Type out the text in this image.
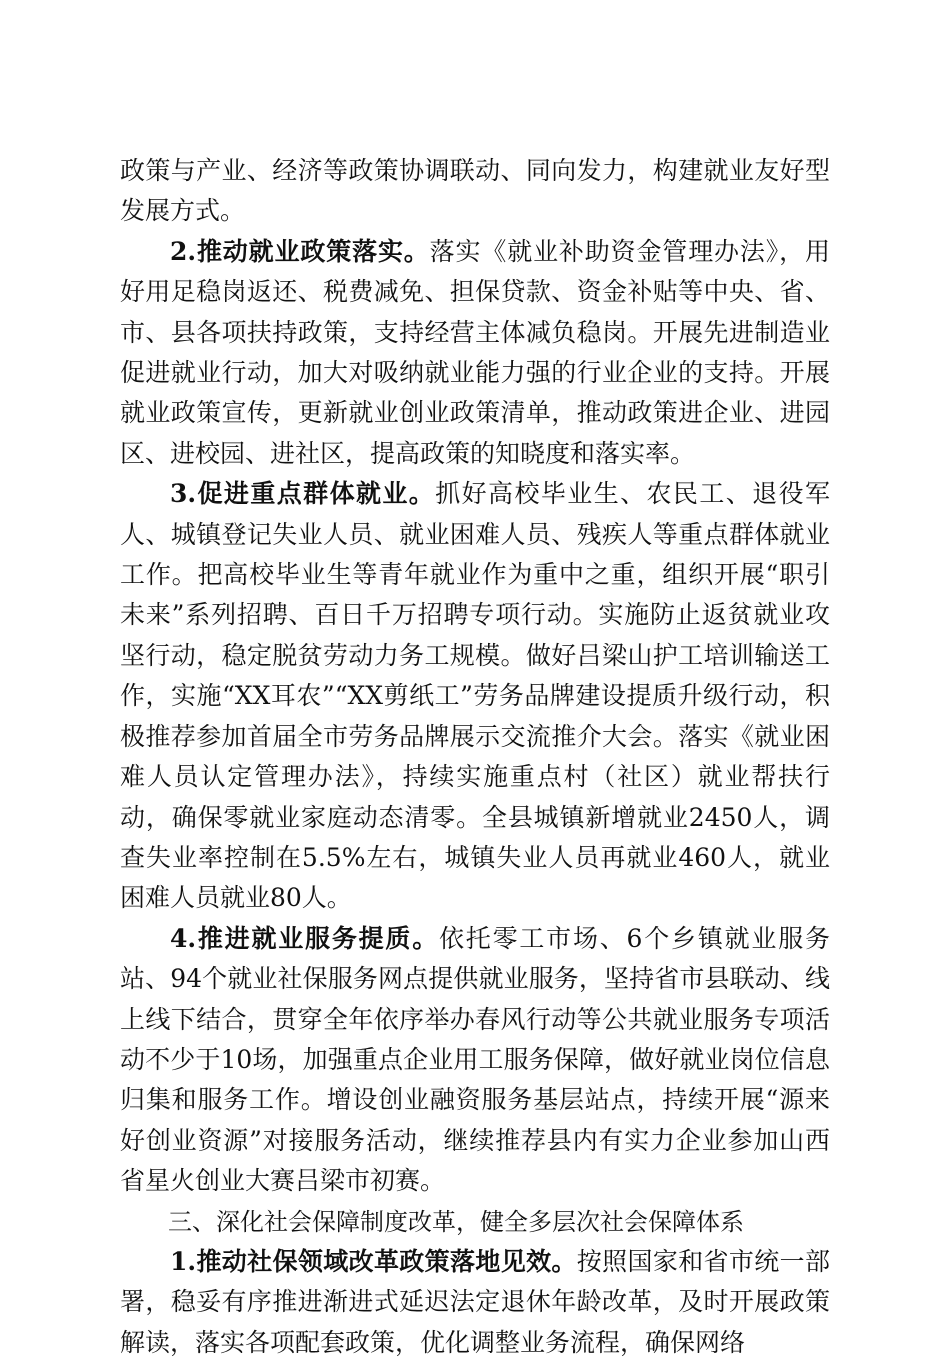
政策与产业、经济等政策协调联动、同向发力，构建就业友好型发展方式。

2.推动就业政策落实。落实《就业补助资金管理办法》，用好用足稳岗返还、税费减免、担保贷款、资金补贴等中央、省、市、县各项扶持政策，支持经营主体减负稳岗。开展先进制造业促进就业行动，加大对吸纳就业能力强的行业企业的支持。开展就业政策宣传，更新就业创业政策清单，推动政策进企业、进园区、进校园、进社区，提高政策的知晓度和落实率。

3.促进重点群体就业。抓好高校毕业生、农民工、退役军人、城镇登记失业人员、就业困难人员、残疾人等重点群体就业工作。把高校毕业生等青年就业作为重中之重，组织开展“职引未来”系列招聘、百日千万招聘专项行动。实施防止返贫就业攻坚行动，稳定脱贫劳动力务工规模。做好吕梁山护工培训输送工作，实施“XX耳农”“XX剪纸工”劳务品牌建设提质升级行动，积极推荐参加首届全市劳务品牌展示交流推介大会。落实《就业困难人员认定管理办法》，持续实施重点村（社区）就业帮扶行动，确保零就业家庭动态清零。全县城镇新增就业2450人，调查失业率控制在5.5%左右，城镇失业人员再就业460人，就业困难人员就业80人。

4.推进就业服务提质。依托零工市场、6个乡镇就业服务站、94个就业社保服务网点提供就业服务，坚持省市县联动、线上线下结合，贯穿全年依序举办春风行动等公共就业服务专项活动不少于10场，加强重点企业用工服务保障，做好就业岗位信息归集和服务工作。增设创业融资服务基层站点，持续开展“源来好创业资源”对接服务活动，继续推荐县内有实力企业参加山西省星火创业大赛吕梁市初赛。

三、深化社会保障制度改革，健全多层次社会保障体系

1.推动社保领域改革政策落地见效。按照国家和省市统一部署，稳妥有序推进渐进式延迟法定退休年龄改革，及时开展政策解读，落实各项配套政策，优化调整业务流程，确保网络
